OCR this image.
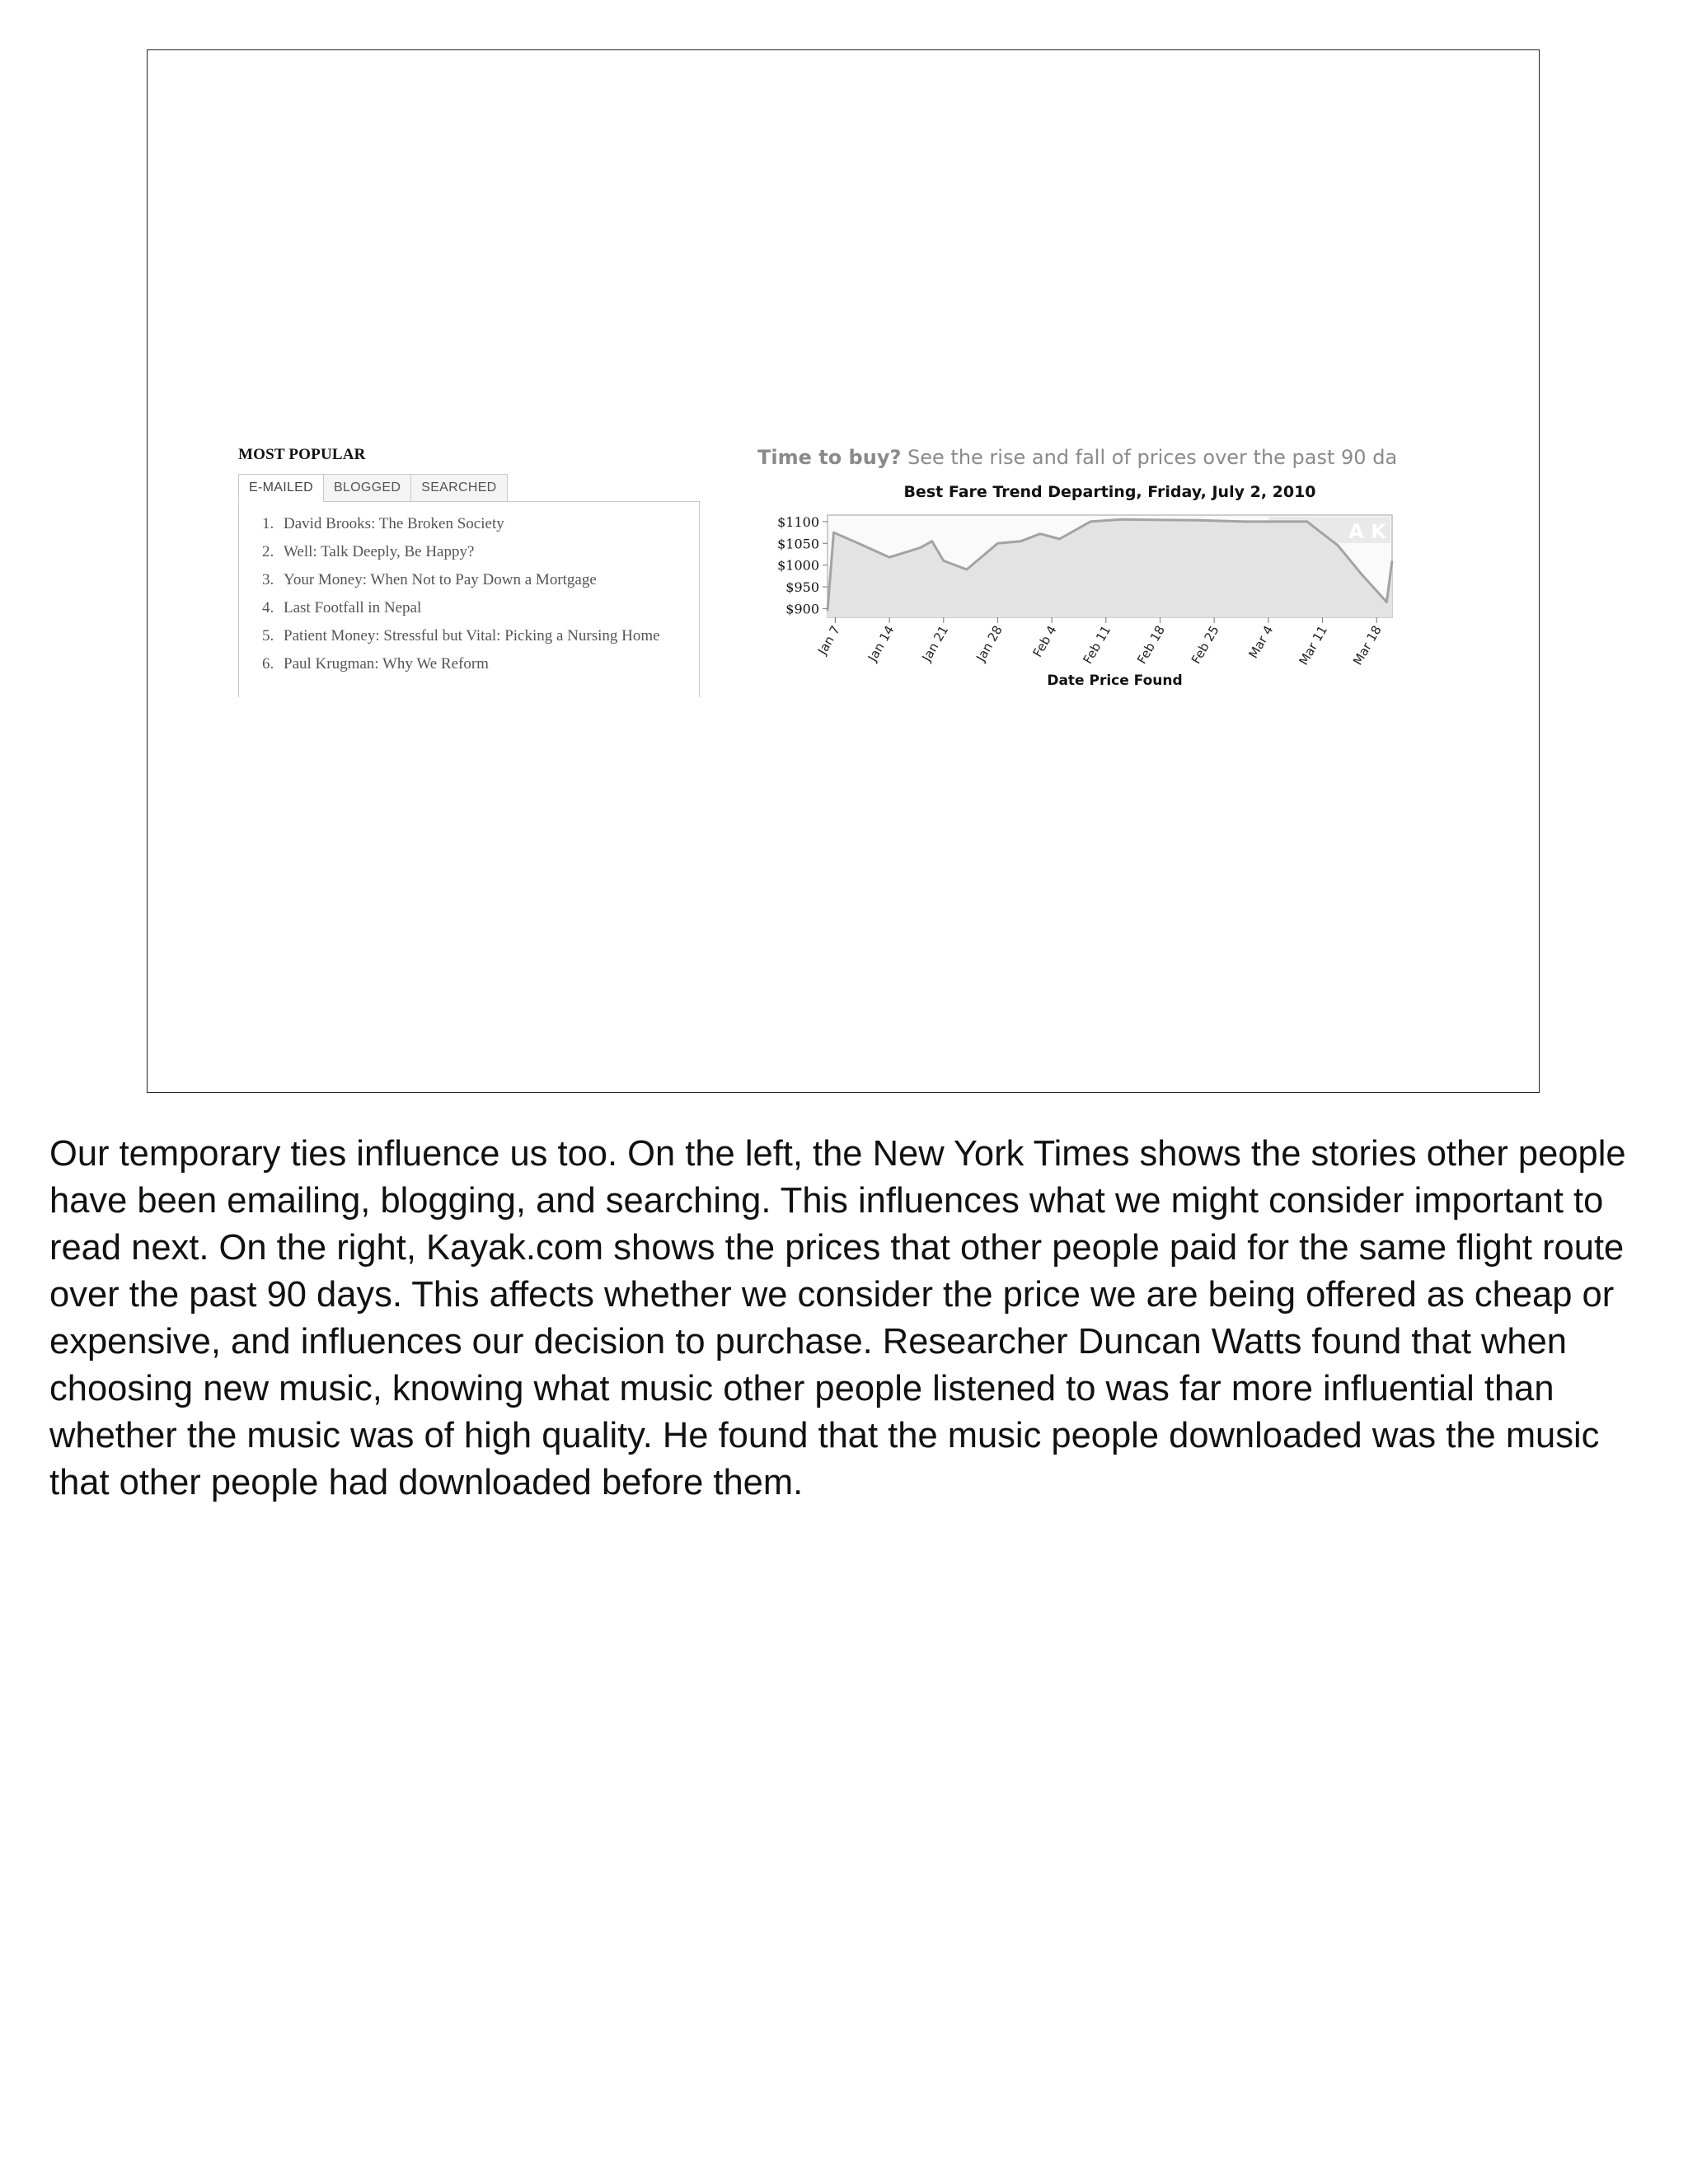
MOST POPULAR
E-MAILED	BLOGGED	SEARCHED
1. David Brooks: The Broken Society
2. Well: Talk Deeply, Be Happy?
3. Your Money: When Not to Pay Down a Mortgage
4. Last Footfall in Nepal
5. Patient Money: Stressful but Vital: Picking a Nursing Home
6. Paul Krugman: Why We Reform
Time to buy? See the rise and fall of prices over the past 90 da
Best Fare Trend Departing, Friday, July 2, 2010
A K
$1100
$1050
$1000
$950
$900
Jan 7 Jan 14 Jan 21 Jan 28 Feb 4 Feb 11 Feb 18 Feb 25 Mar 4 Mar 11 Mar 18
Date Price Found

Our temporary ties influence us too. On the left, the New York Times shows the stories other people have been emailing, blogging, and searching. This influences what we might consider important to read next. On the right, Kayak.com shows the prices that other people paid for the same flight route over the past 90 days. This affects whether we consider the price we are being offered as cheap or expensive, and influences our decision to purchase. Researcher Duncan Watts found that when choosing new music, knowing what music other people listened to was far more influential than whether the music was of high quality. He found that the music people downloaded was the music that other people had downloaded before them.
